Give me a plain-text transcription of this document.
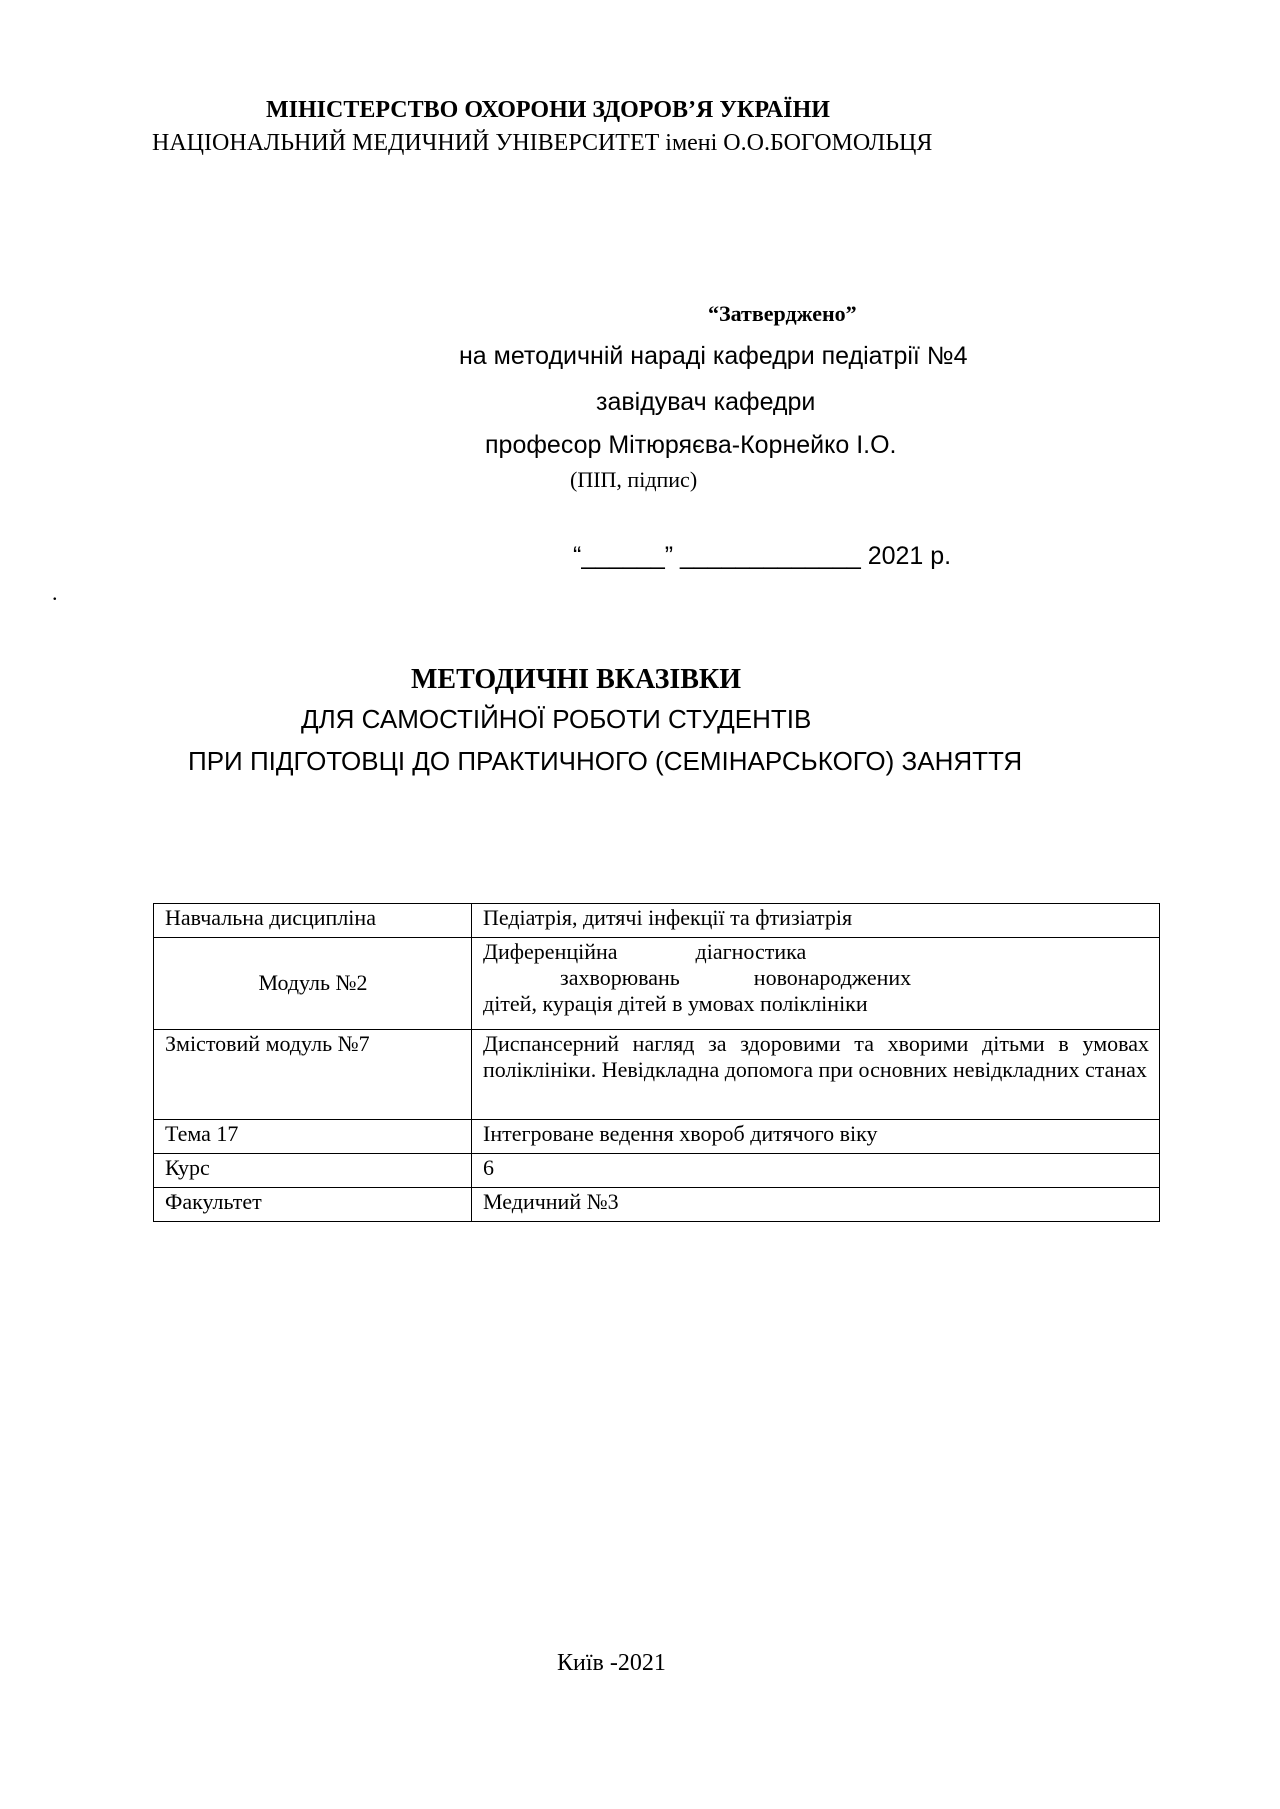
МІНІСТЕРСТВО ОХОРОНИ ЗДОРОВ’Я УКРАЇНИ
НАЦІОНАЛЬНИЙ МЕДИЧНИЙ УНІВЕРСИТЕТ імені О.О.БОГОМОЛЬЦЯ
“Затверджено”
на методичній нараді кафедри педіатрії №4
завідувач кафедри
професор Мітюряєва-Корнейко І.О.
(ПІП, підпис)
“______” _____________ 2021 р.
.
МЕТОДИЧНІ ВКАЗІВКИ
ДЛЯ САМОСТІЙНОЇ РОБОТИ СТУДЕНТІВ
ПРИ ПІДГОТОВЦІ ДО ПРАКТИЧНОГО (СЕМІНАРСЬКОГО) ЗАНЯТТЯ
Навчальна дисципліна	Педіатрія, дитячі інфекції та фтизіатрія
Модуль №2	Диференційна діагностика
захворювань новонароджених
дітей, курація дітей в умовах поліклініки

Змістовий модуль №7	Диспансерний нагляд за здоровими та хворими дітьми в умовах поліклініки. Невідкладна допомога при основних невідкладних станах
Тема 17	Інтегроване ведення хвороб дитячого віку
Курс	6
Факультет	Медичний №3
Київ -2021
